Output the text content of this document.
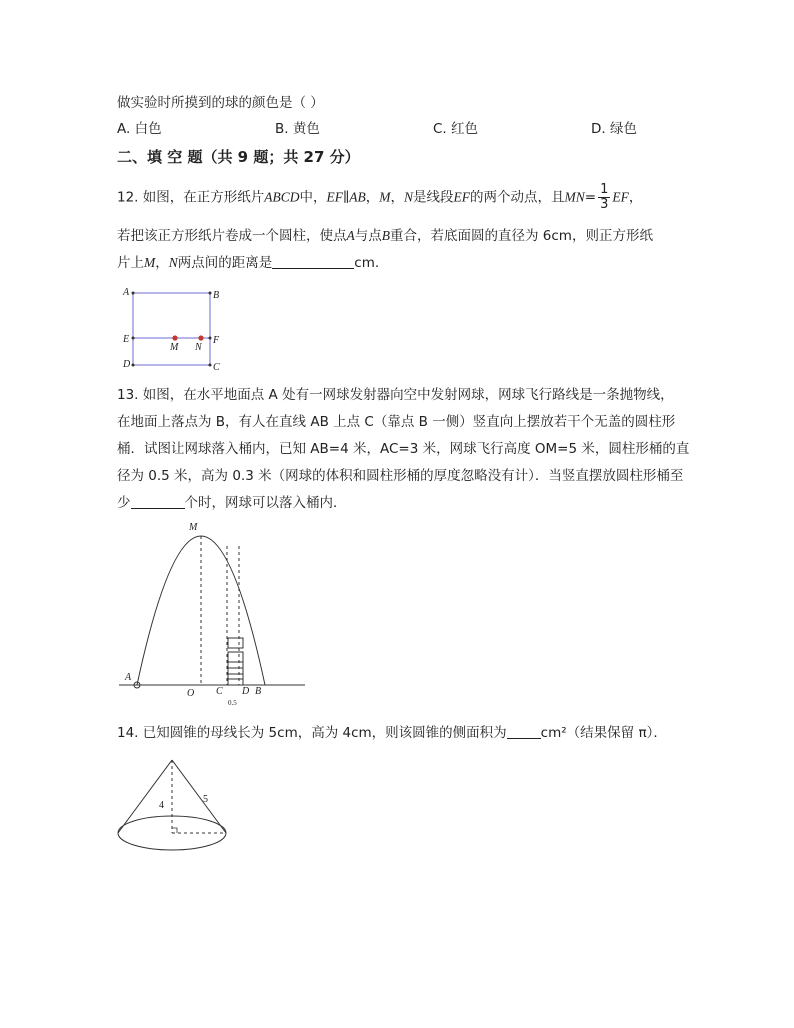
做实验时所摸到的球的颜色是（ ）
A. 白色	B. 黄色	C. 红色	D. 绿色
二、填 空 题（共 9 题；共 27 分）
12. 如图，在正方形纸片ABCD中，EF∥AB，M，N是线段EF的两个动点，且$MN= \frac{1}{3}$ EF，
若把该正方形纸片卷成一个圆柱，使点A与点B重合，若底面圆的直径为 6cm，则正方形纸
片上M，N两点间的距离是	cm.
A	B
D	C
E	F
M N
13. 如图，在水平地面点 A 处有一网球发射器向空中发射网球，网球飞行路线是一条抛物线，
在地面上落点为 B，有人在直线 AB 上点 C（靠点 B 一侧）竖直向上摆放若干个无盖的圆柱形
桶．试图让网球落入桶内，已知 AB=4 米，AC=3 米，网球飞行高度 OM=5 米，圆柱形桶的直
径为 0.5 米，高为 0.3 米（网球的体积和圆柱形桶的厚度忽略没有计）．当竖直摆放圆柱形桶至
少	个时，网球可以落入桶内．
M
A
O C D B
0.5
14. 已知圆锥的母线长为 5cm，高为 4cm，则该圆锥的侧面积为	cm²（结果保留 π）．
4
5
